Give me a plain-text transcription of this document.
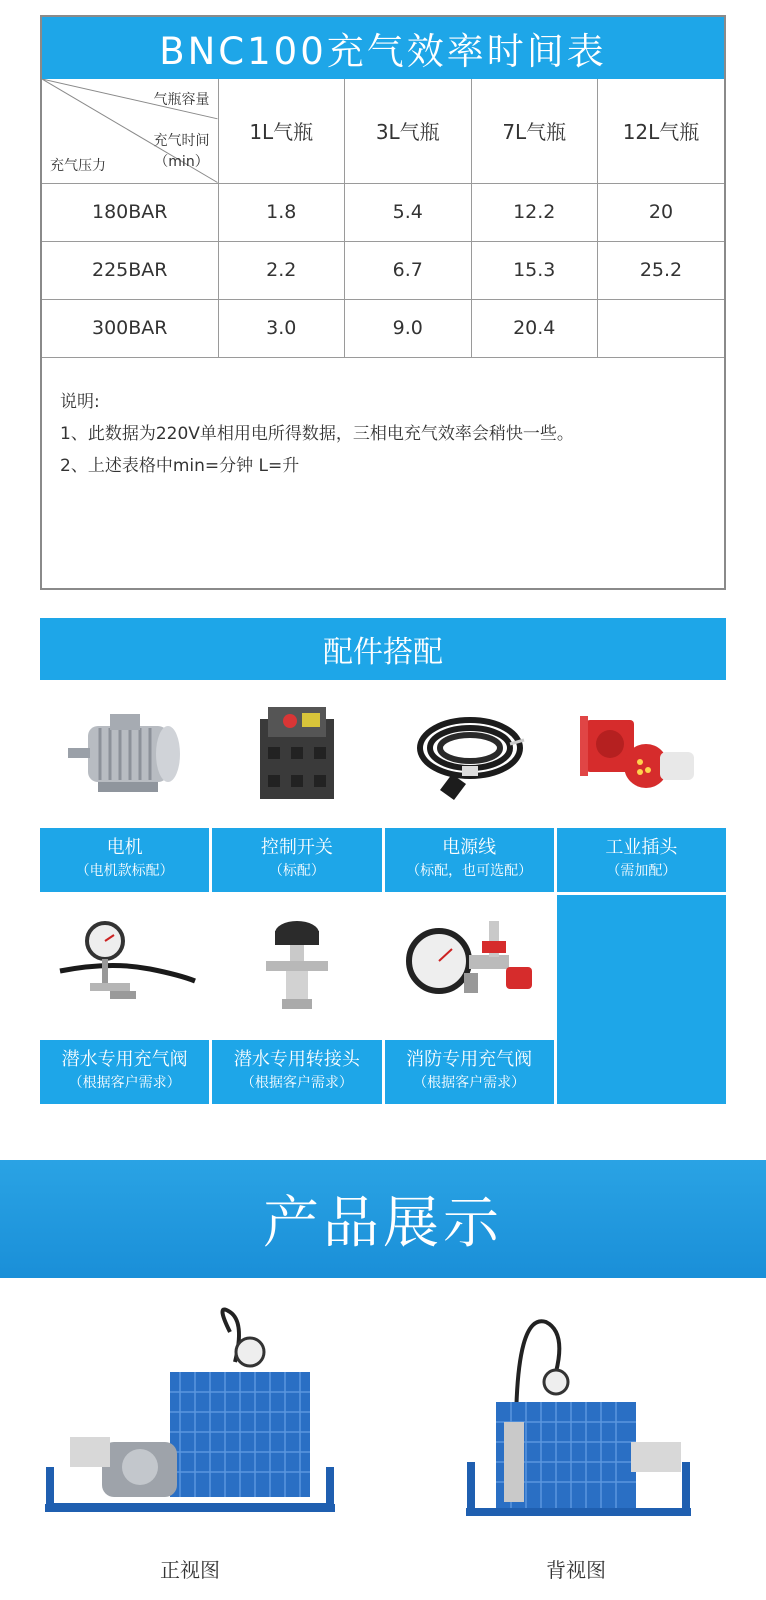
BNC100充气效率时间表
气瓶容量
充气时间
（min）
充气压力	1L气瓶	3L气瓶	7L气瓶	12L气瓶
180BAR	1.8	5.4	12.2	20
225BAR	2.2	6.7	15.3	25.2
300BAR	3.0	9.0	20.4	

说明:

1、此数据为220V单相用电所得数据，三相电充气效率会稍快一些。

2、上述表格中min=分钟 L=升

配件搭配
电机
（电机款标配）
控制开关
（标配）
电源线
（标配，也可选配）
工业插头
（需加配）
潜水专用充气阀
（根据客户需求）
潜水专用转接头
（根据客户需求）
消防专用充气阀
（根据客户需求）
产品展示
正视图	背视图
